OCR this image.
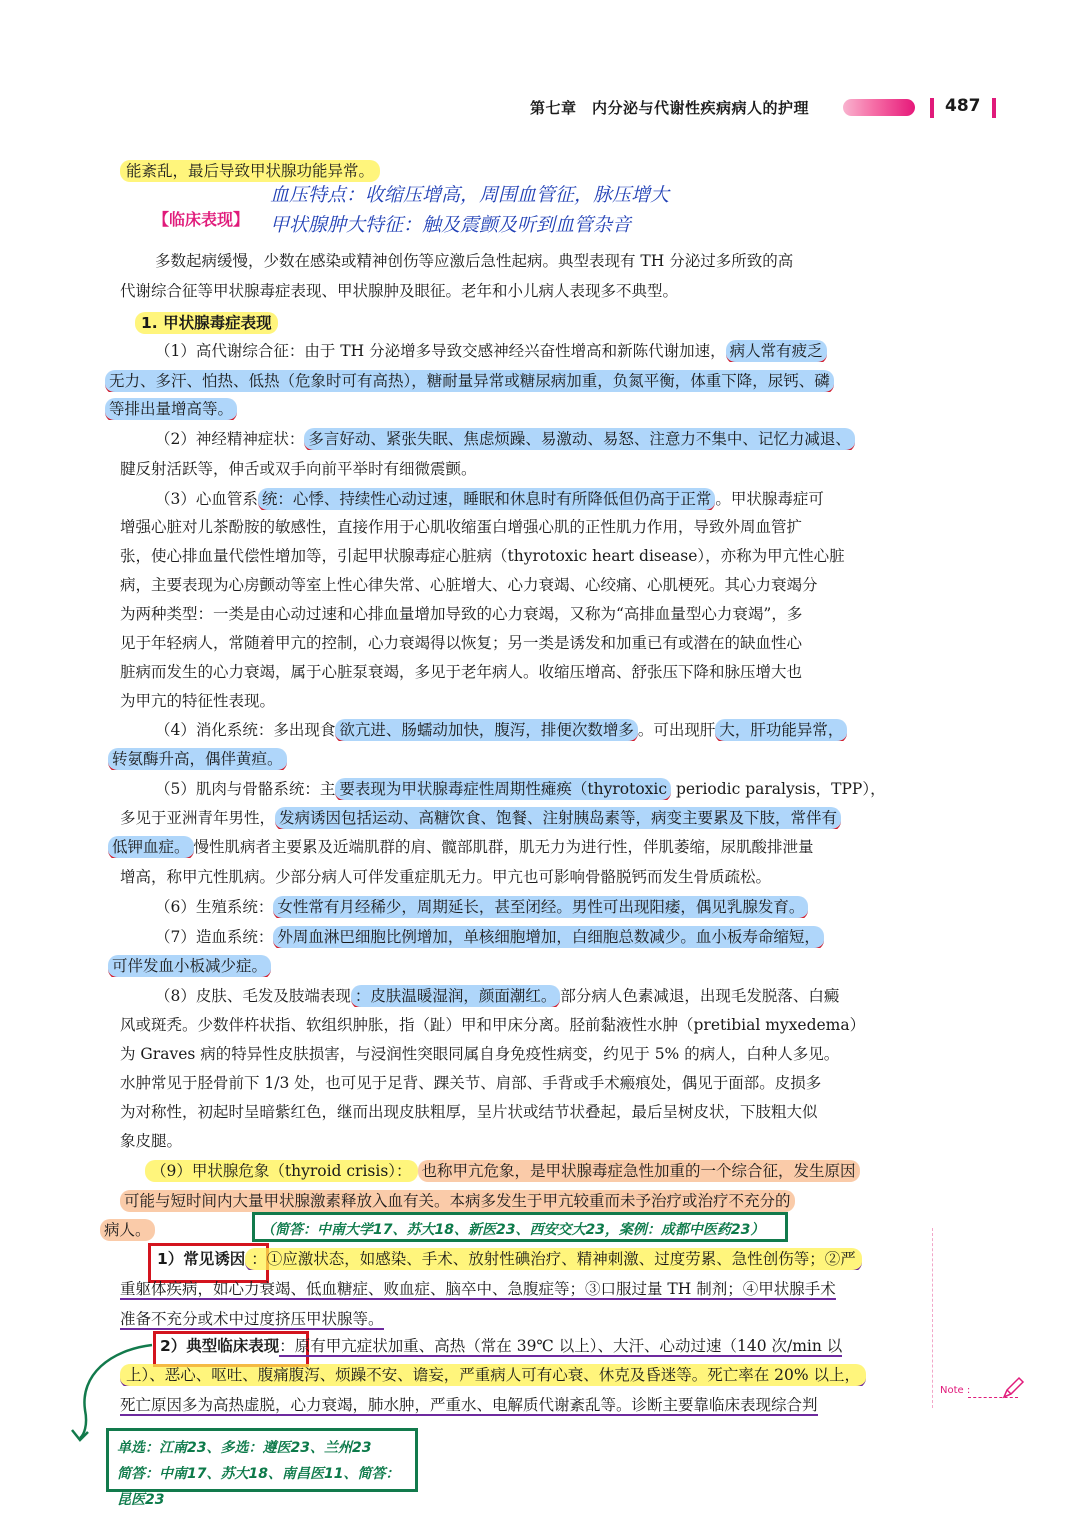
第七章　内分泌与代谢性疾病病人的护理	487
能紊乱，最后导致甲状腺功能异常。
血压特点：收缩压增高，周围血管征，脉压增大
【临床表现】 甲状腺肿大特征：触及震颤及听到血管杂音
多数起病缓慢，少数在感染或精神创伤等应激后急性起病。典型表现有 TH 分泌过多所致的高
代谢综合征等甲状腺毒症表现、甲状腺肿及眼征。老年和小儿病人表现多不典型。
1. 甲状腺毒症表现
（1）高代谢综合征：由于 TH 分泌增多导致交感神经兴奋性增高和新陈代谢加速， 病人常有疲乏
无力、多汗、怕热、低热（危象时可有高热），糖耐量异常或糖尿病加重，负氮平衡，体重下降，尿钙、磷
等排出量增高等。
（2）神经精神症状： 多言好动、紧张失眠、焦虑烦躁、易激动、易怒、注意力不集中、记忆力减退、
腱反射活跃等，伸舌或双手向前平举时有细微震颤。
（3）心血管系 统：心悸、持续性心动过速，睡眠和休息时有所降低但仍高于正常 。甲状腺毒症可
增强心脏对儿茶酚胺的敏感性，直接作用于心肌收缩蛋白增强心肌的正性肌力作用，导致外周血管扩
张，使心排血量代偿性增加等，引起甲状腺毒症心脏病（thyrotoxic heart disease），亦称为甲亢性心脏
病，主要表现为心房颤动等室上性心律失常、心脏增大、心力衰竭、心绞痛、心肌梗死。其心力衰竭分
为两种类型：一类是由心动过速和心排血量增加导致的心力衰竭，又称为“高排血量型心力衰竭”，多
见于年轻病人，常随着甲亢的控制，心力衰竭得以恢复；另一类是诱发和加重已有或潜在的缺血性心
脏病而发生的心力衰竭，属于心脏泵衰竭，多见于老年病人。收缩压增高、舒张压下降和脉压增大也
为甲亢的特征性表现。
（4）消化系统：多出现食 欲亢进、肠蠕动加快，腹泻，排便次数增多 。可出现肝 大，肝功能异常，
转氨酶升高，偶伴黄疸。
（5）肌肉与骨骼系统：主 要表现为甲状腺毒症性周期性瘫痪（thyrotoxic periodic paralysis，TPP），
多见于亚洲青年男性， 发病诱因包括运动、高糖饮食、饱餐、注射胰岛素等，病变主要累及下肢，常伴有
低钾血症。 慢性肌病者主要累及近端肌群的肩、髋部肌群，肌无力为进行性，伴肌萎缩，尿肌酸排泄量
增高，称甲亢性肌病。少部分病人可伴发重症肌无力。甲亢也可影响骨骼脱钙而发生骨质疏松。
（6）生殖系统： 女性常有月经稀少，周期延长，甚至闭经。男性可出现阳痿，偶见乳腺发育。
（7）造血系统： 外周血淋巴细胞比例增加，单核细胞增加，白细胞总数减少。血小板寿命缩短，
可伴发血小板减少症。
（8）皮肤、毛发及肢端表现 ：皮肤温暖湿润，颜面潮红。 部分病人色素减退，出现毛发脱落、白癜
风或斑秃。少数伴杵状指、软组织肿胀，指（趾）甲和甲床分离。胫前黏液性水肿（pretibial myxedema）
为 Graves 病的特异性皮肤损害，与浸润性突眼同属自身免疫性病变，约见于 5% 的病人，白种人多见。
水肿常见于胫骨前下 1/3 处，也可见于足背、踝关节、肩部、手背或手术瘢痕处，偶见于面部。皮损多
为对称性，初起时呈暗紫红色，继而出现皮肤粗厚，呈片状或结节状叠起，最后呈树皮状，下肢粗大似
象皮腿。
（9）甲状腺危象（thyroid crisis）： 也称甲亢危象，是甲状腺毒症急性加重的一个综合征，发生原因
可能与短时间内大量甲状腺激素释放入血有关。本病多发生于甲亢较重而未予治疗或治疗不充分的
病人。	（简答：中南大学17、苏大18、新医23、西安交大23，案例：成都中医药23）
1）常见诱因 ：①应激状态，如感染、手术、放射性碘治疗、精神刺激、过度劳累、急性创伤等；②严
重躯体疾病，如心力衰竭、低血糖症、败血症、脑卒中、急腹症等；③口服过量 TH 制剂；④甲状腺手术
准备不充分或术中过度挤压甲状腺等。
2）典型临床表现：原有甲亢症状加重、高热（常在 39℃ 以上）、大汗、心动过速（140 次/min 以
上）、恶心、呕吐、腹痛腹泻、烦躁不安、谵妄，严重病人可有心衰、休克及昏迷等。死亡率在 20% 以上，
死亡原因多为高热虚脱，心力衰竭，肺水肿，严重水、电解质代谢紊乱等。诊断主要靠临床表现综合判
单选：江南23、多选：遵医23、兰州23
简答：中南17、苏大18、南昌医11、简答：昆医23
Note :
